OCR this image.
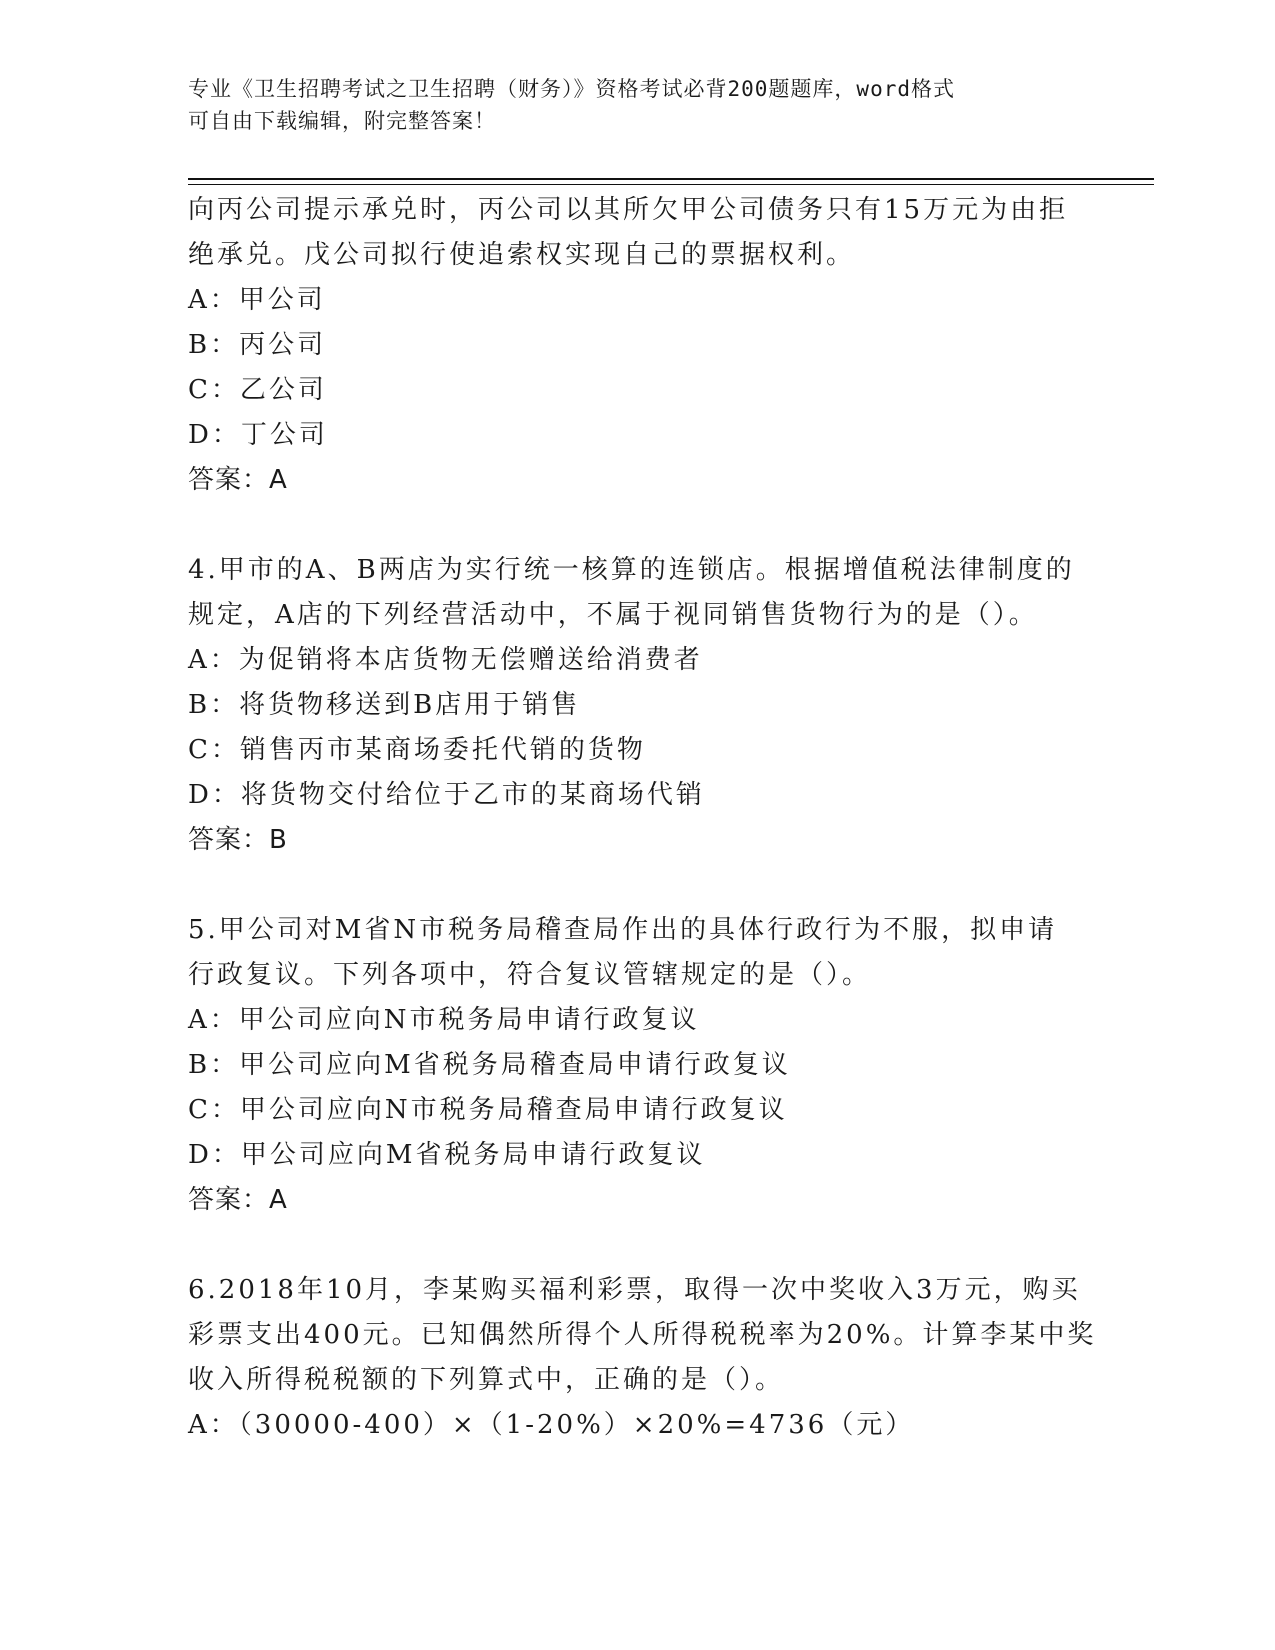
专业《卫生招聘考试之卫生招聘（财务）》资格考试必背200题题库，word格式
可自由下载编辑，附完整答案！
向丙公司提示承兑时，丙公司以其所欠甲公司债务只有15万元为由拒
绝承兑。戊公司拟行使追索权实现自己的票据权利。
A：甲公司
B：丙公司
C：乙公司
D：丁公司
答案：A
4.甲市的A、B两店为实行统一核算的连锁店。根据增值税法律制度的
规定，A店的下列经营活动中，不属于视同销售货物行为的是（）。
A：为促销将本店货物无偿赠送给消费者
B：将货物移送到B店用于销售
C：销售丙市某商场委托代销的货物
D：将货物交付给位于乙市的某商场代销
答案：B
5.甲公司对M省N市税务局稽查局作出的具体行政行为不服，拟申请
行政复议。下列各项中，符合复议管辖规定的是（）。
A：甲公司应向N市税务局申请行政复议
B：甲公司应向M省税务局稽查局申请行政复议
C：甲公司应向N市税务局稽查局申请行政复议
D：甲公司应向M省税务局申请行政复议
答案：A
6.2018年10月，李某购买福利彩票，取得一次中奖收入3万元，购买
彩票支出400元。已知偶然所得个人所得税税率为20%。计算李某中奖
收入所得税税额的下列算式中，正确的是（）。
A：（30000-400）×（1-20%）×20%=4736（元）
